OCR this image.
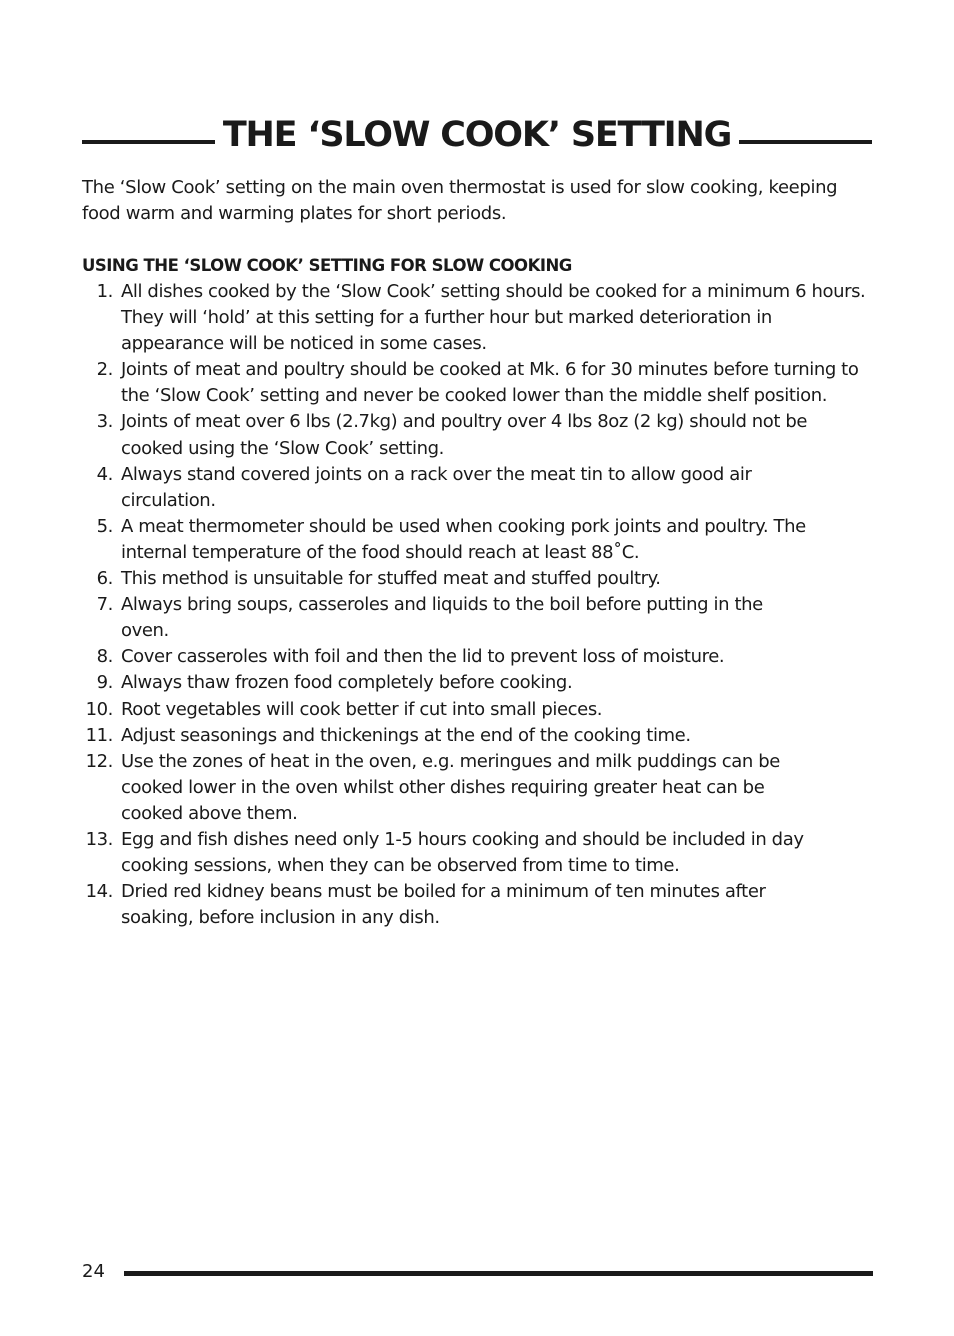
THE ‘SLOW COOK’ SETTING

The ‘Slow Cook’ setting on the main oven thermostat is used for slow cooking, keeping food warm and warming plates for short periods.

USING THE ‘SLOW COOK’ SETTING FOR SLOW COOKING
1. All dishes cooked by the ‘Slow Cook’ setting should be cooked for a minimum 6 hours. They will ‘hold’ at this setting for a further hour but marked deterioration in appearance will be noticed in some cases.
2. Joints of meat and poultry should be cooked at Mk. 6 for 30 minutes before turning to the ‘Slow Cook’ setting and never be cooked lower than the middle shelf position.
3. Joints of meat over 6 lbs (2.7kg) and poultry over 4 lbs 8oz (2 kg) should not be cooked using the ‘Slow Cook’ setting.
4. Always stand covered joints on a rack over the meat tin to allow good air circulation.
5. A meat thermometer should be used when cooking pork joints and poultry. The internal temperature of the food should reach at least 88˚C.
6. This method is unsuitable for stuffed meat and stuffed poultry.
7. Always bring soups, casseroles and liquids to the boil before putting in the oven.
8. Cover casseroles with foil and then the lid to prevent loss of moisture.
9. Always thaw frozen food completely before cooking.
10. Root vegetables will cook better if cut into small pieces.
11. Adjust seasonings and thickenings at the end of the cooking time.
12. Use the zones of heat in the oven, e.g. meringues and milk puddings can be cooked lower in the oven whilst other dishes requiring greater heat can be cooked above them.
13. Egg and fish dishes need only 1-5 hours cooking and should be included in day cooking sessions, when they can be observed from time to time.
14. Dried red kidney beans must be boiled for a minimum of ten minutes after soaking, before inclusion in any dish.
24
